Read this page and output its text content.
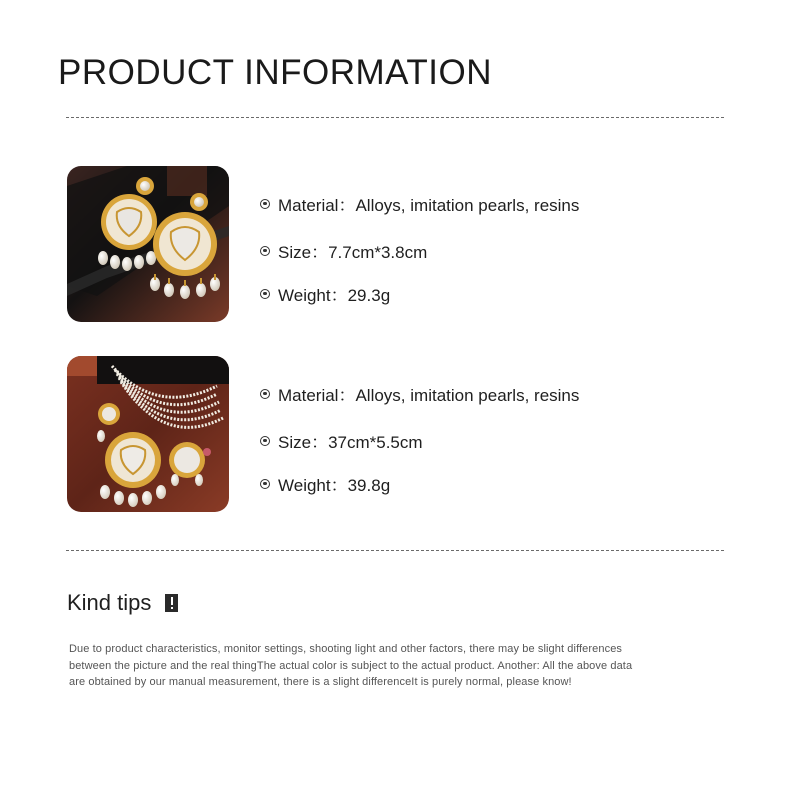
PRODUCT INFORMATION
Material：Alloys, imitation pearls, resins
Size：7.7cm*3.8cm
Weight：29.3g
Material：Alloys, imitation pearls, resins
Size：37cm*5.5cm
Weight：39.8g
Kind tips

Due to product characteristics, monitor settings, shooting light and other factors, there may be slight differences between the picture and the real thingThe actual color is subject to the actual product. Another: All the above data are obtained by our manual measurement, there is a slight differenceIt is purely normal, please know!
